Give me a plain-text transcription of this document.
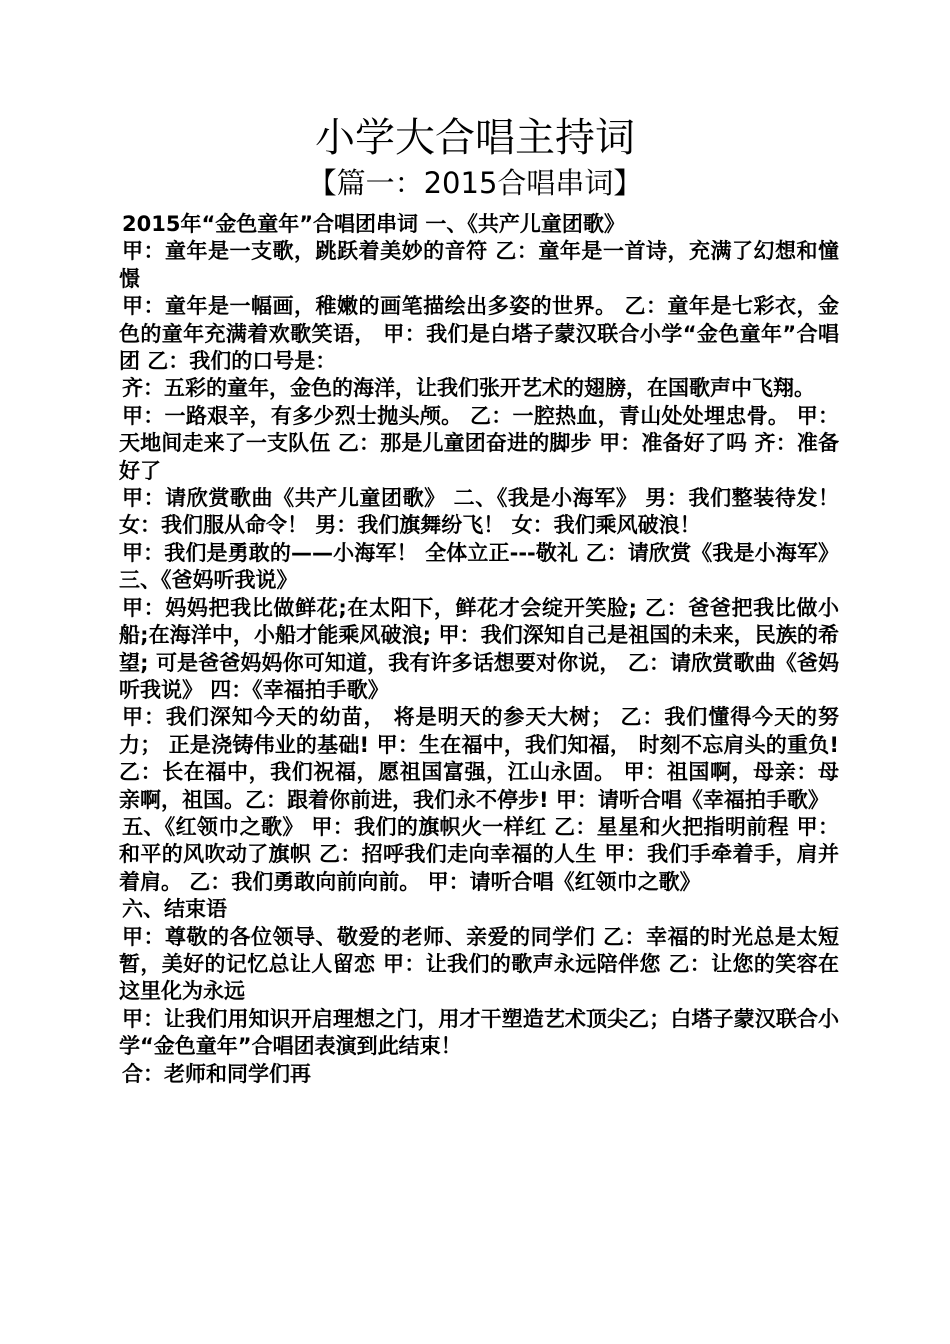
小学大合唱主持词
【篇一：2015合唱串词】

2015年“金色童年”合唱团串词 一、《共产儿童团歌》

甲：童年是一支歌，跳跃着美妙的音符 乙：童年是一首诗，充满了幻想和憧憬

甲：童年是一幅画，稚嫩的画笔描绘出多姿的世界。 乙：童年是七彩衣，金色的童年充满着欢歌笑语， 甲：我们是白塔子蒙汉联合小学“金色童年”合唱团 乙：我们的口号是：

齐：五彩的童年，金色的海洋，让我们张开艺术的翅膀，在国歌声中飞翔。

甲：一路艰辛，有多少烈士抛头颅。 乙：一腔热血，青山处处埋忠骨。 甲：天地间走来了一支队伍 乙：那是儿童团奋进的脚步 甲：准备好了吗 齐：准备好了

甲：请欣赏歌曲《共产儿童团歌》 二、《我是小海军》 男：我们整装待发！ 女：我们服从命令！ 男：我们旗舞纷飞！ 女：我们乘风破浪！

甲：我们是勇敢的——小海军！ 全体立正---敬礼 乙：请欣赏《我是小海军》 三、《爸妈听我说》

甲：妈妈把我比做鲜花;在太阳下，鲜花才会绽开笑脸; 乙：爸爸把我比做小船;在海洋中，小船才能乘风破浪; 甲：我们深知自己是祖国的未来，民族的希望; 可是爸爸妈妈你可知道，我有许多话想要对你说， 乙：请欣赏歌曲《爸妈听我说》 四：《幸福拍手歌》

甲：我们深知今天的幼苗， 将是明天的参天大树； 乙：我们懂得今天的努力； 正是浇铸伟业的基础! 甲：生在福中，我们知福， 时刻不忘肩头的重负! 乙：长在福中，我们祝福，愿祖国富强，江山永固。 甲：祖国啊，母亲：母亲啊，祖国。乙：跟着你前进，我们永不停步! 甲：请听合唱《幸福拍手歌》

五、《红领巾之歌》 甲：我们的旗帜火一样红 乙：星星和火把指明前程 甲：和平的风吹动了旗帜 乙：招呼我们走向幸福的人生 甲：我们手牵着手，肩并着肩。 乙：我们勇敢向前向前。 甲：请听合唱《红领巾之歌》

六、结束语

甲：尊敬的各位领导、敬爱的老师、亲爱的同学们 乙：幸福的时光总是太短暂，美好的记忆总让人留恋 甲：让我们的歌声永远陪伴您 乙：让您的笑容在这里化为永远

甲：让我们用知识开启理想之门，用才干塑造艺术顶尖乙；白塔子蒙汉联合小学“金色童年”合唱团表演到此结束！

合：老师和同学们再
